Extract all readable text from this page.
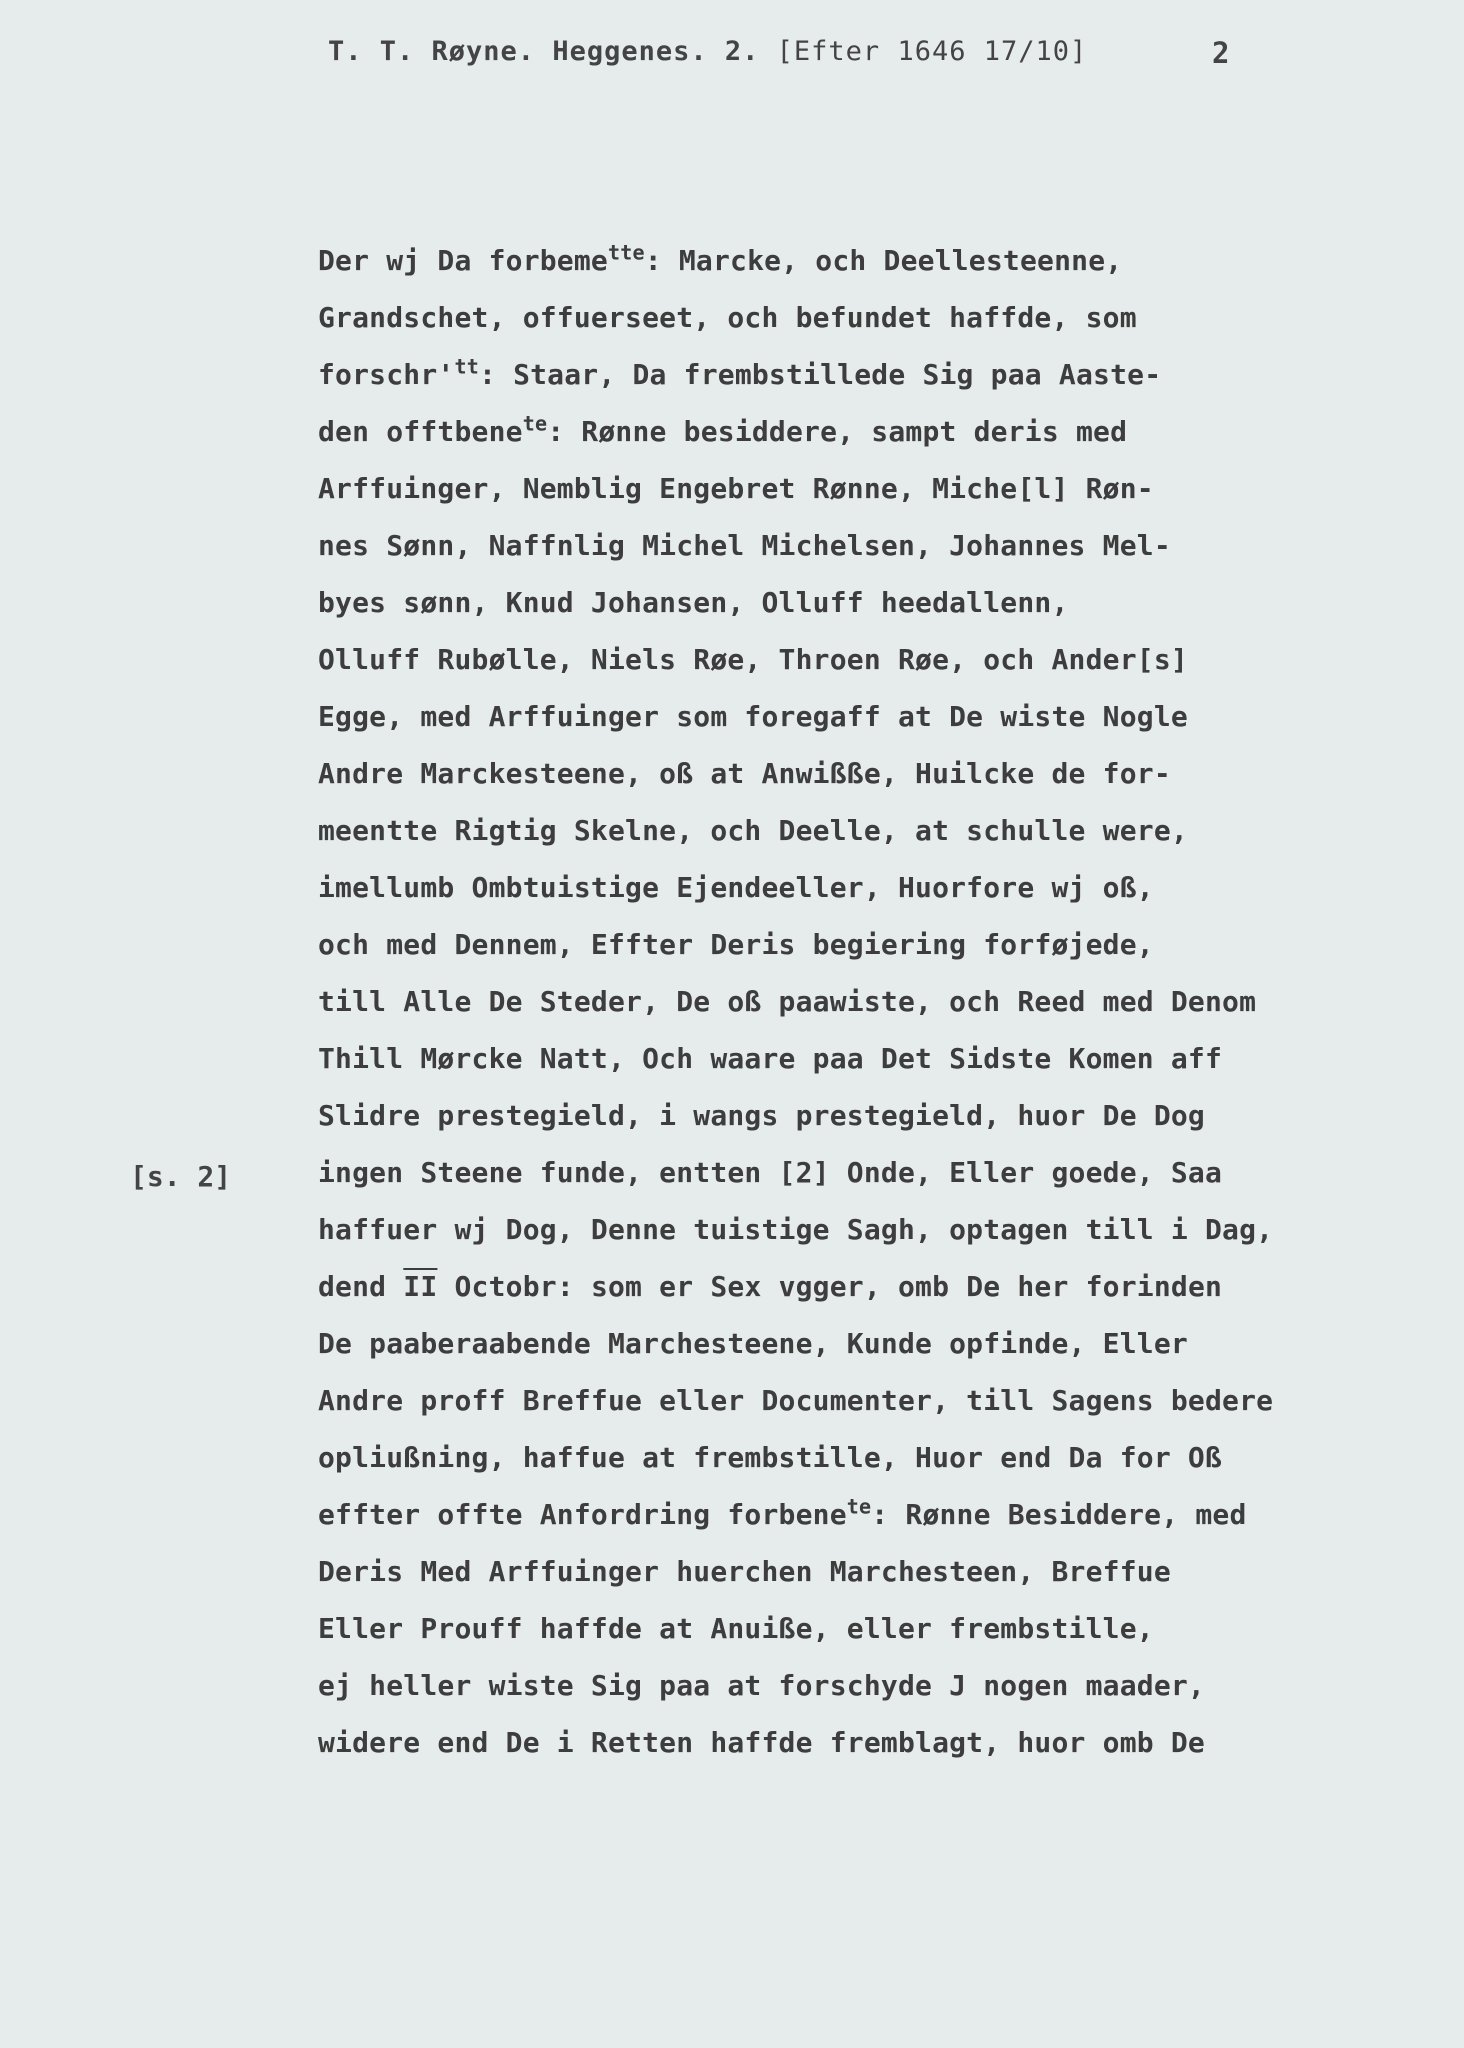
T. T. Røyne. Heggenes. 2. [Efter 1646 17/10]	2
[s. 2]
Der wj Da forbeme$^{tte}$: Marcke, och Deellesteenne,
Grandschet, offuerseet, och befundet haffde, som
$forschr'^{tt}$: Staar, Da frembstillede Sig paa Aaste-
den offtbene$^{te}$: Rønne besiddere, sampt deris med
Arffuinger, Nemblig Engebret Rønne, Miche[l] Røn-
nes Sønn, Naffnlig Michel Michelsen, Johannes Mel-
byes sønn, Knud Johansen, Olluff heedallenn,
Olluff Rubølle, Niels Røe, Throen Røe, och Ander[s]
Egge, med Arffuinger som foregaff at De wiste Nogle
Andre Marckesteene, oß at Anwißße, Huilcke de for-
meentte Rigtig Skelne, och Deelle, at schulle were,
imellumb Ombtuistige Ejendeeller, Huorfore wj oß,
och med Dennem, Effter Deris begiering forføjede,
till Alle De Steder, De oß paawiste, och Reed med Denom
Thill Mørcke Natt, Och waare paa Det Sidste Komen aff
Slidre prestegield, i wangs prestegield, huor De Dog
ingen Steene funde, entten [2] Onde, Eller goede, Saa
haffuer wj Dog, Denne tuistige Sagh, optagen till i Dag,
dend $\overline{II}$ Octobr: som er Sex vgger, omb De her forinden
De paaberaabende Marchesteene, Kunde opfinde, Eller
Andre proff Breffue eller Documenter, till Sagens bedere
opliußning, haffue at frembstille, Huor end Da for Oß
effter offte Anfordring forbene$^{te}$: Rønne Besiddere, med
Deris Med Arffuinger huerchen Marchesteen, Breffue
Eller Prouff haffde at Anuiße, eller frembstille,
ej heller wiste Sig paa at forschyde J nogen maader,
widere end De i Retten haffde fremblagt, huor omb De
